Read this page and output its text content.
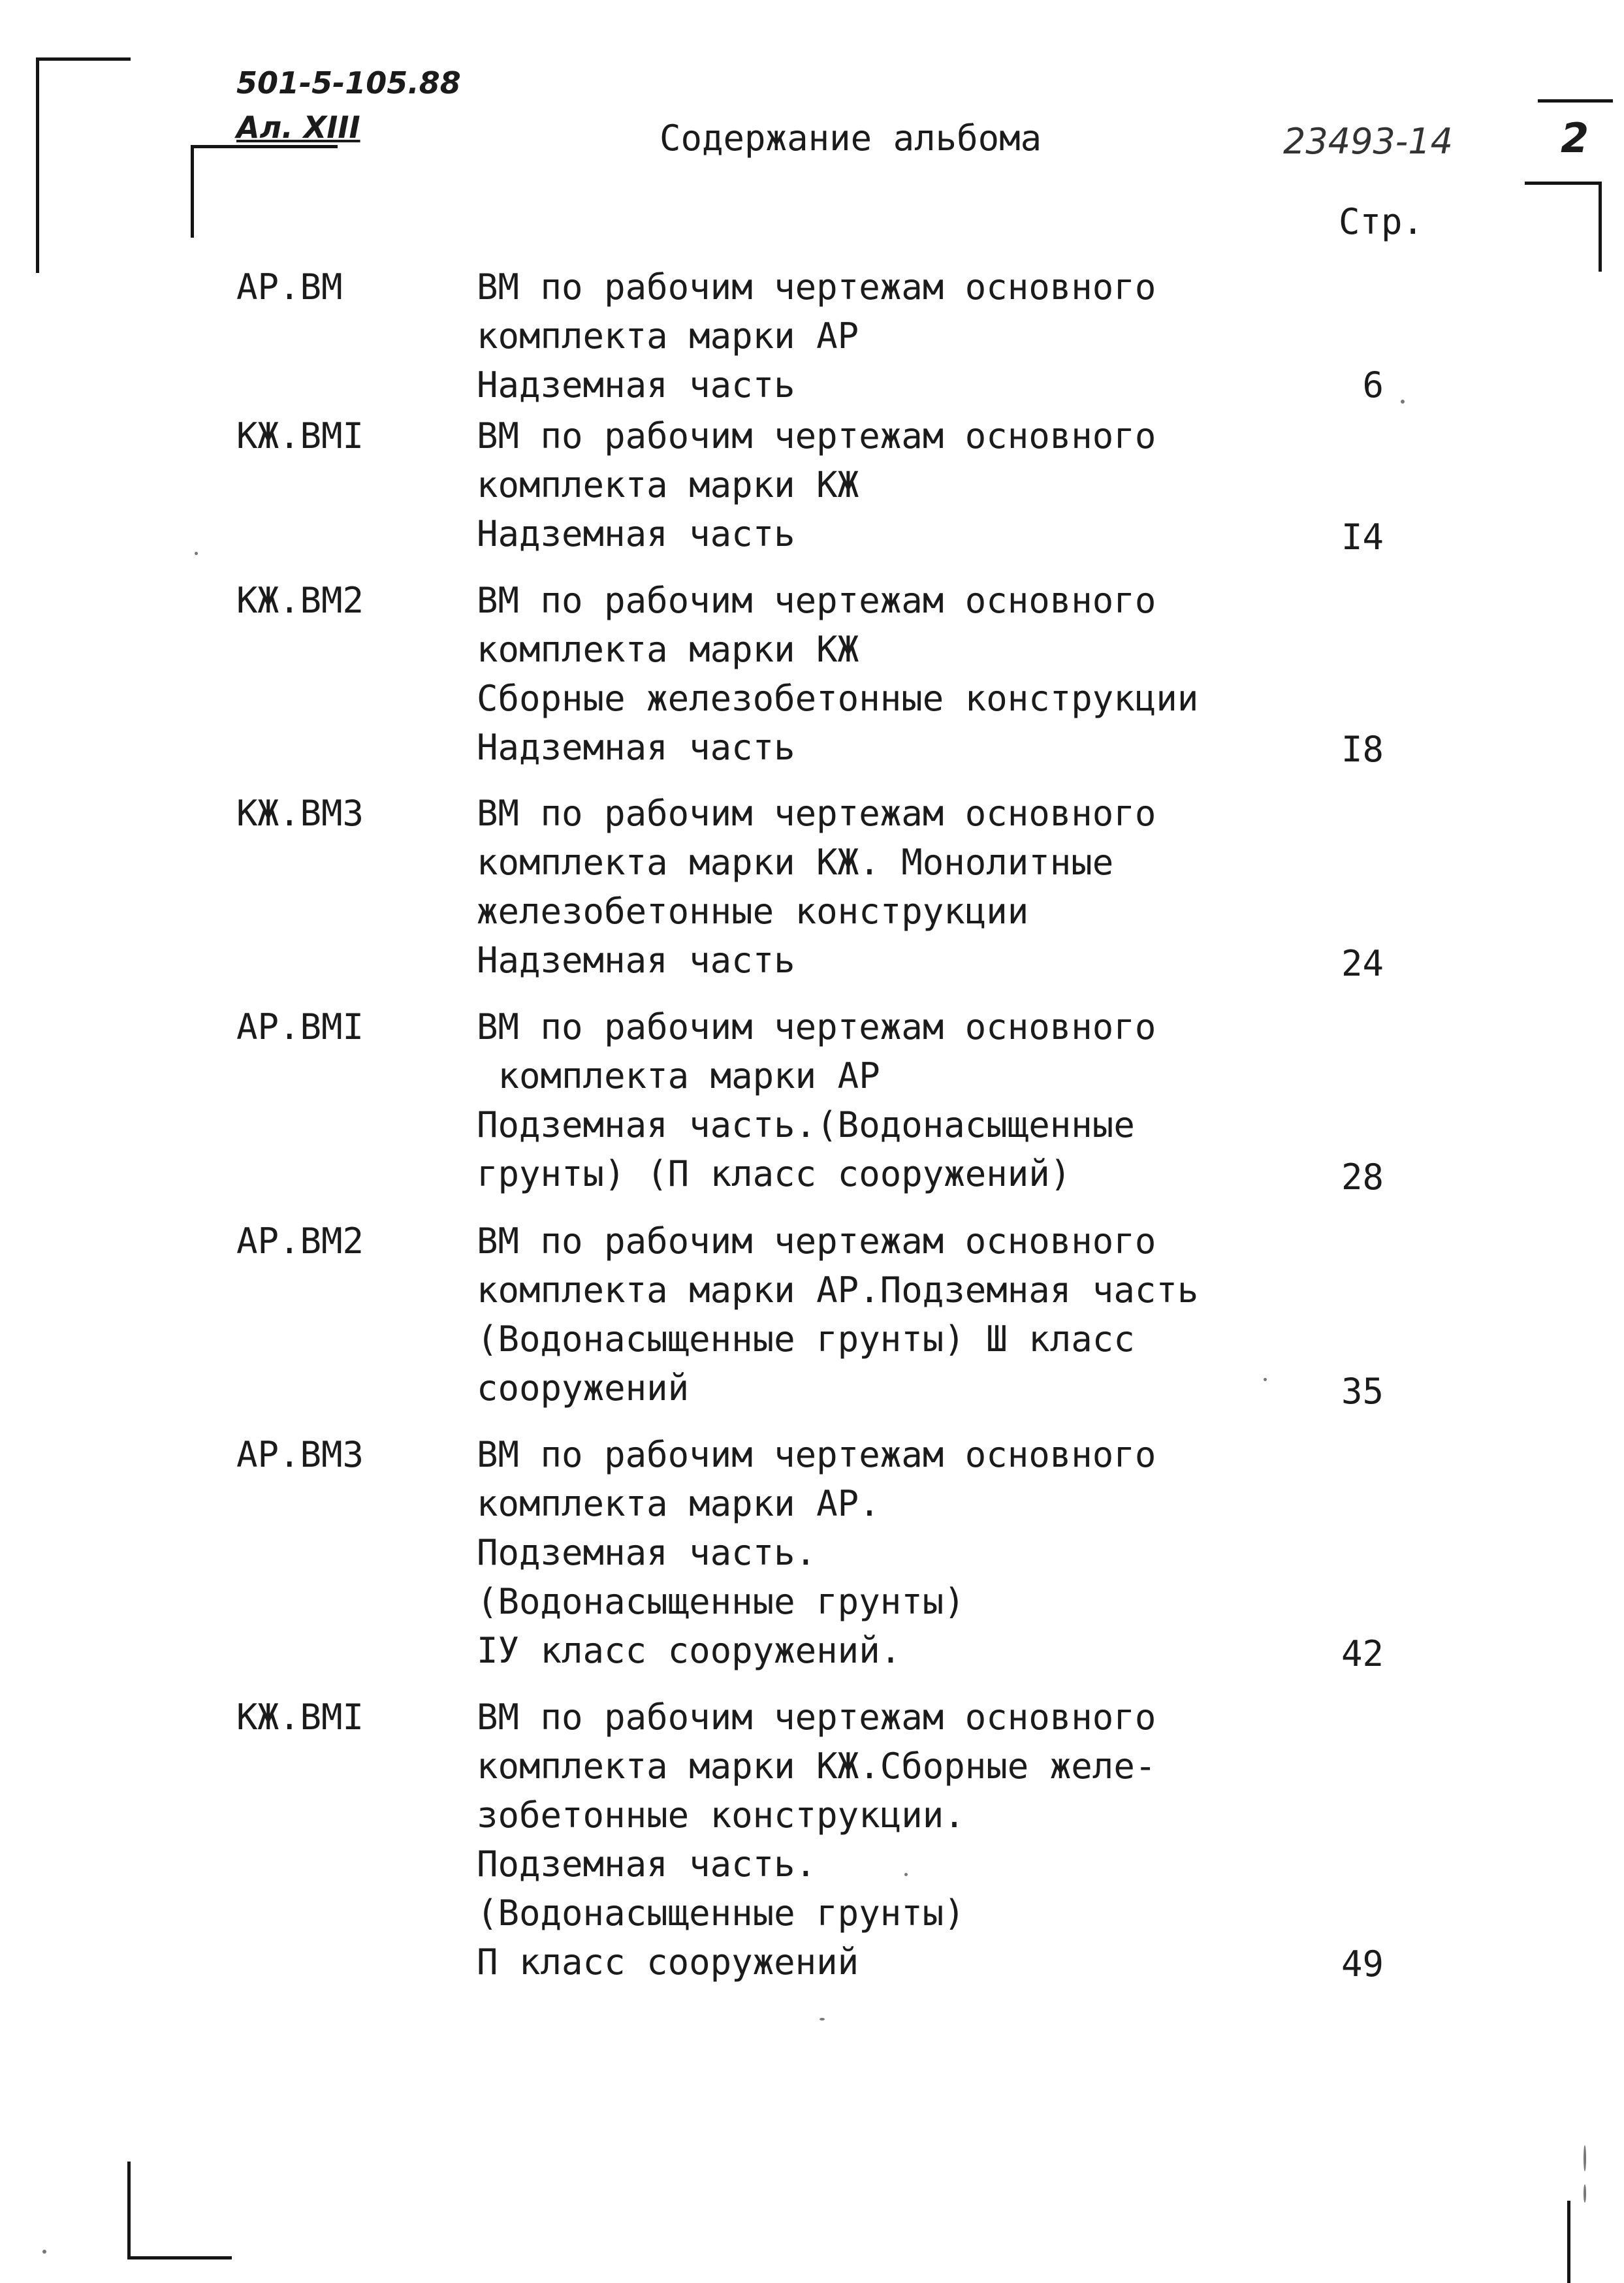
501-5-105.88
Ал. XIII	23493-14	2
Содержание альбома
Стр.
АР.ВМ	ВМ по рабочим чертежам основного
комплекта марки АР
Надземная часть	6
КЖ.ВМI	ВМ по рабочим чертежам основного
комплекта марки КЖ
Надземная часть	I4
КЖ.ВМ2	ВМ по рабочим чертежам основного
комплекта марки КЖ
Сборные железобетонные конструкции
Надземная часть	I8
КЖ.ВМ3	ВМ по рабочим чертежам основного
комплекта марки КЖ. Монолитные
железобетонные конструкции
Надземная часть	24
АР.ВМI	ВМ по рабочим чертежам основного
комплекта марки АР
Подземная часть.(Водонасыщенные
грунты) (П класс сооружений)	28
АР.ВМ2	ВМ по рабочим чертежам основного
комплекта марки АР.Подземная часть
(Водонасыщенные грунты) Ш класс
сооружений	35
АР.ВМ3	ВМ по рабочим чертежам основного
комплекта марки АР.
Подземная часть.
(Водонасыщенные грунты)
IУ класс сооружений.	42
КЖ.ВМI	ВМ по рабочим чертежам основного
комплекта марки КЖ.Сборные желе-
зобетонные конструкции.
Подземная часть.
(Водонасыщенные грунты)
П класс сооружений	49
